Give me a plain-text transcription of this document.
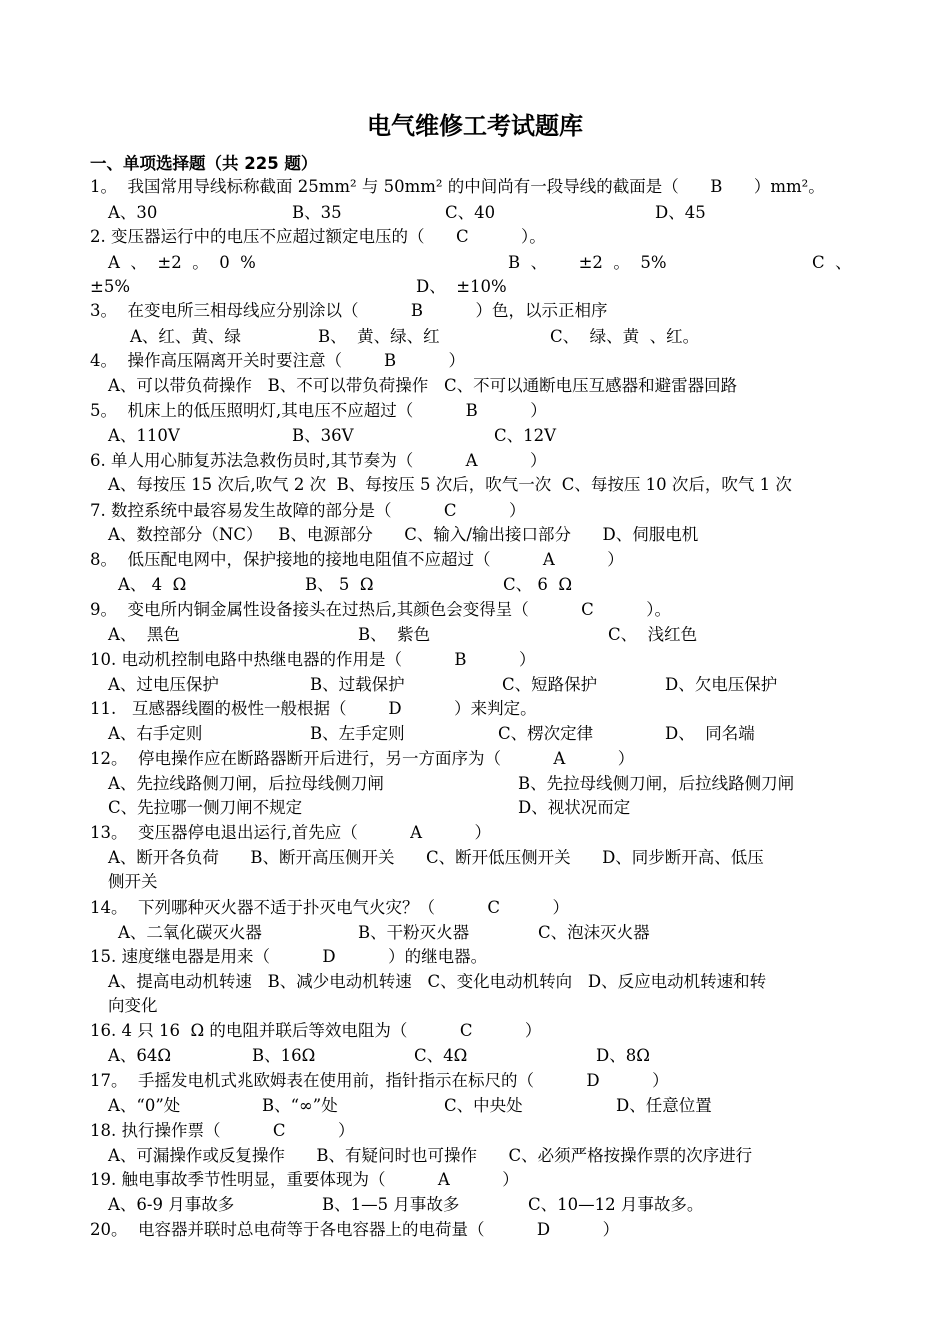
电气维修工考试题库
一、单项选择题（共 225 题）
1。  我国常用导线标称截面 25mm² 与 50mm² 的中间尚有一段导线的截面是（      B      ）mm²。
A、30	B、35	C、40	D、45
2. 变压器运行中的电压不应超过额定电压的（      C          ）。
A  、  ±2  。  0  %	B  、      ±2  。  5%	C  、
±5%	D、  ±10%
3。  在变电所三相母线应分别涂以（          B          ）色，以示正相序
A、红、黄、绿	B、  黄、绿、红	C、  绿、黄  、红。
4。  操作高压隔离开关时要注意（        B          ）
A、可以带负荷操作   B、不可以带负荷操作   C、不可以通断电压互感器和避雷器回路
5。  机床上的低压照明灯,其电压不应超过（          B          ）
A、110V	B、36V	C、12V
6. 单人用心肺复苏法急救伤员时,其节奏为（          A          ）
A、每按压 15 次后,吹气 2 次  B、每按压 5 次后，吹气一次  C、每按压 10 次后，吹气 1 次
7. 数控系统中最容易发生故障的部分是（          C          ）
A、数控部分（NC）   B、电源部分      C、输入/输出接口部分      D、伺服电机
8。  低压配电网中，保护接地的接地电阻值不应超过（          A          ）
A、 4  Ω	B、 5  Ω	C、 6  Ω
9。  变电所内铜金属性设备接头在过热后,其颜色会变得呈（          C          ）。
A、  黑色	B、  紫色	C、  浅红色
10. 电动机控制电路中热继电器的作用是（          B          ）
A、过电压保护	B、过载保护	C、短路保护	D、欠电压保护
11.   互感器线圈的极性一般根据（        D          ）来判定。
A、右手定则	B、左手定则	C、楞次定律	D、  同名端
12。  停电操作应在断路器断开后进行，另一方面序为（          A          ）
A、先拉线路侧刀闸，后拉母线侧刀闸	B、先拉母线侧刀闸，后拉线路侧刀闸
C、先拉哪一侧刀闸不规定	D、视状况而定
13。  变压器停电退出运行,首先应（          A          ）
A、断开各负荷      B、断开高压侧开关      C、断开低压侧开关      D、同步断开高、低压
侧开关
14。  下列哪种灭火器不适于扑灭电气火灾？（          C          ）
A、二氧化碳灭火器	B、干粉灭火器	C、泡沫灭火器
15. 速度继电器是用来（          D          ）的继电器。
A、提高电动机转速   B、减少电动机转速   C、变化电动机转向   D、反应电动机转速和转
向变化
16. 4 只 16  Ω 的电阻并联后等效电阻为（          C          ）
A、64Ω	B、16Ω	C、4Ω	D、8Ω
17。  手摇发电机式兆欧姆表在使用前，指针指示在标尺的（          D          ）
A、“0”处	B、“∞”处	C、中央处	D、任意位置
18. 执行操作票（          C          ）
A、可漏操作或反复操作      B、有疑问时也可操作      C、必须严格按操作票的次序进行
19. 触电事故季节性明显，重要体现为（          A          ）
A、6-9 月事故多	B、1—5 月事故多	C、10—12 月事故多。
20。  电容器并联时总电荷等于各电容器上的电荷量（          D          ）
